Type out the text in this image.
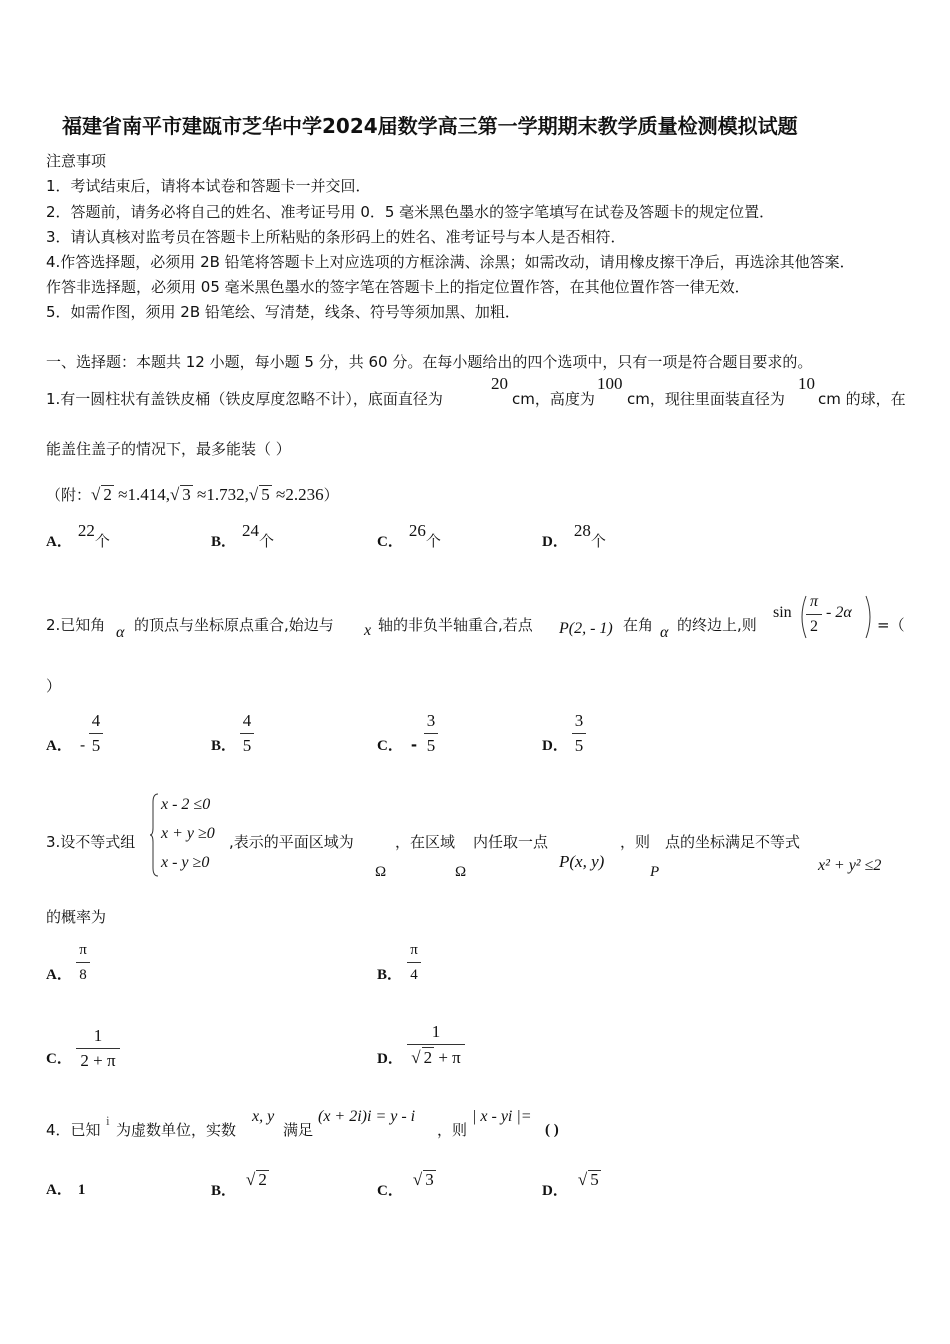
福建省南平市建瓯市芝华中学2024届数学高三第一学期期末教学质量检测模拟试题
注意事项
1．考试结束后，请将本试卷和答题卡一并交回．
2．答题前，请务必将自己的姓名、准考证号用 0．5 毫米黑色墨水的签字笔填写在试卷及答题卡的规定位置．
3．请认真核对监考员在答题卡上所粘贴的条形码上的姓名、准考证号与本人是否相符．
4.作答选择题，必须用 2B 铅笔将答题卡上对应选项的方框涂满、涂黑；如需改动，请用橡皮擦干净后，再选涂其他答案．
作答非选择题，必须用 05 毫米黑色墨水的签字笔在答题卡上的指定位置作答，在其他位置作答一律无效．
5．如需作图，须用 2B 铅笔绘、写清楚，线条、符号等须加黑、加粗．
一、选择题：本题共 12 小题，每小题 5 分，共 60 分。在每小题给出的四个选项中，只有一项是符合题目要求的。
1.有一圆柱状有盖铁皮桶（铁皮厚度忽略不计），底面直径为
20
cm，高度为
100
cm，现往里面装直径为
10
cm 的球，在
能盖住盖子的情况下，最多能装（ ）
（附：√ 2 ≈1.414,√ 3 ≈1.732,√ 5 ≈2.236）
A．22个	B．24个	C．26个	D．28个
2.已知角 α 的顶点与坐标原点重合,始边与 x 轴的非负半轴重合,若点 P(2, - 1) 在角 α 的终边上,则
sin
π
2
- 2α
=（
）
A． -
4
5	B．
4
5	C． -
3
5	D．
3
5
3.设不等式组
x - 2 ≤0
x + y ≥0
x - y ≥0
,表示的平面区域为
Ω
，在区域
Ω
内任取一点
P(x, y)
，则
P
点的坐标满足不等式
x² + y² ≤2
的概率为
A．
π
8	B．
π
4
C．
1
2 + π	D．
1
√ 2 + π
4．已知
i
为虚数单位，实数
x, y
满足
(x + 2i)i = y - i
，则
| x - yi |=
( )
A． 1	B．√ 2
C．√ 3
D．√ 5
